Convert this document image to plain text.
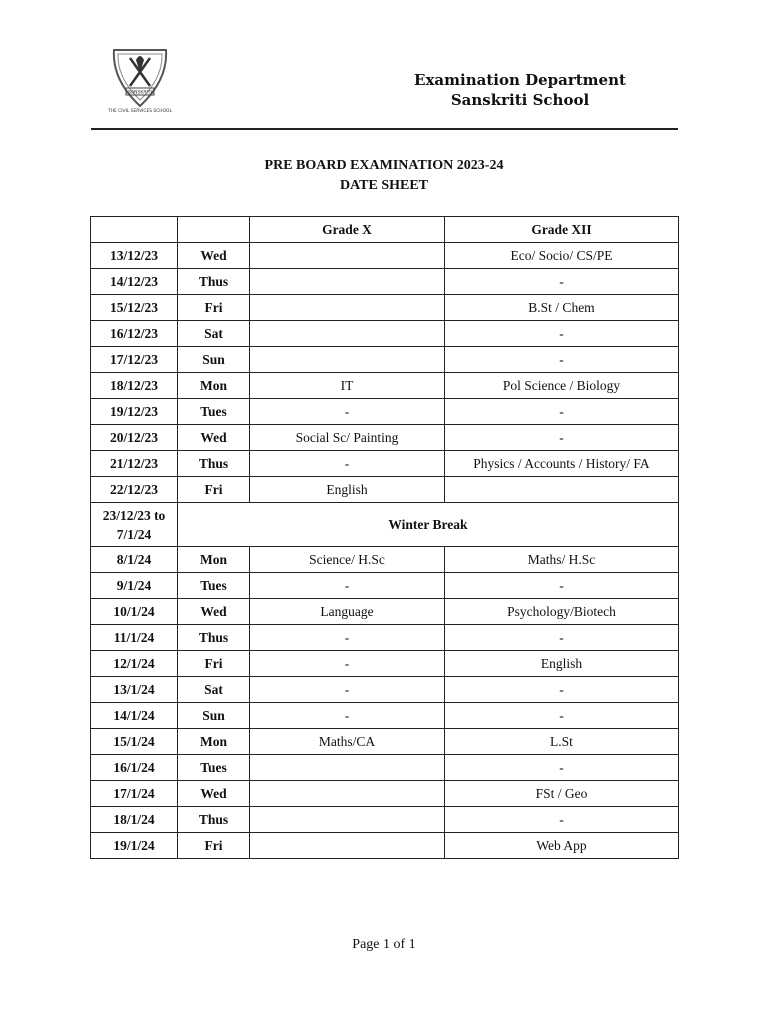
SANSKRITI
THE CIVIL SERVICES SCHOOL
Examination Department
Sanskriti School
PRE BOARD EXAMINATION 2023-24
DATE SHEET
		Grade X	Grade XII
13/12/23	Wed		Eco/ Socio/ CS/PE
14/12/23	Thus		-
15/12/23	Fri		B.St / Chem
16/12/23	Sat		-
17/12/23	Sun		-
18/12/23	Mon	IT	Pol Science / Biology
19/12/23	Tues	-	-
20/12/23	Wed	Social Sc/ Painting	-
21/12/23	Thus	-	Physics / Accounts / History/ FA
22/12/23	Fri	English	

23/12/23 to
7/1/24	Winter Break		
8/1/24	Mon	Science/ H.Sc	Maths/ H.Sc
9/1/24	Tues	-	-
10/1/24	Wed	Language	Psychology/Biotech
11/1/24	Thus	-	-
12/1/24	Fri	-	English
13/1/24	Sat	-	-
14/1/24	Sun	-	-
15/1/24	Mon	Maths/CA	L.St
16/1/24	Tues		-
17/1/24	Wed		FSt / Geo
18/1/24	Thus		-
19/1/24	Fri		Web App
Page 1 of 1
